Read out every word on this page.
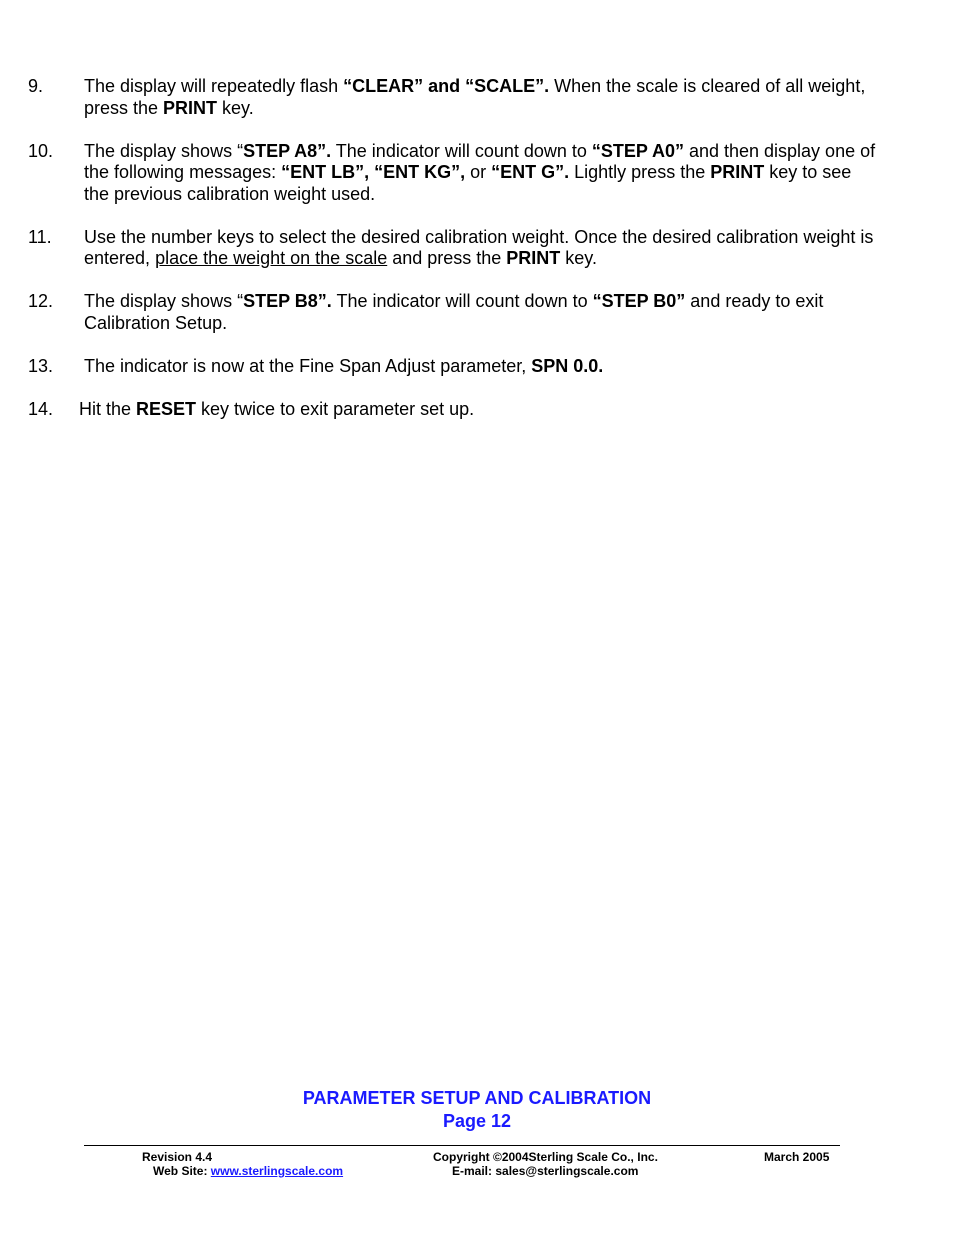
9.	The display will repeatedly flash “CLEAR” and “SCALE”. When the scale is cleared of all weight, press the PRINT key.
10.	The display shows “STEP A8”. The indicator will count down to “STEP A0” and then display one of the following messages: “ENT LB”, “ENT KG”, or “ENT G”. Lightly press the PRINT key to see the previous calibration weight used.
11.	Use the number keys to select the desired calibration weight. Once the desired calibration weight is entered, place the weight on the scale and press the PRINT key.
12.	The display shows “STEP B8”. The indicator will count down to “STEP B0” and ready to exit Calibration Setup.
13.	The indicator is now at the Fine Span Adjust parameter, SPN 0.0.
14.	Hit the RESET key twice to exit parameter set up.
PARAMETER SETUP AND CALIBRATION
Page 12
Revision 4.4	Copyright ©2004Sterling Scale Co., Inc.	March 2005
Web Site: www.sterlingscale.com	E-mail: sales@sterlingscale.com
